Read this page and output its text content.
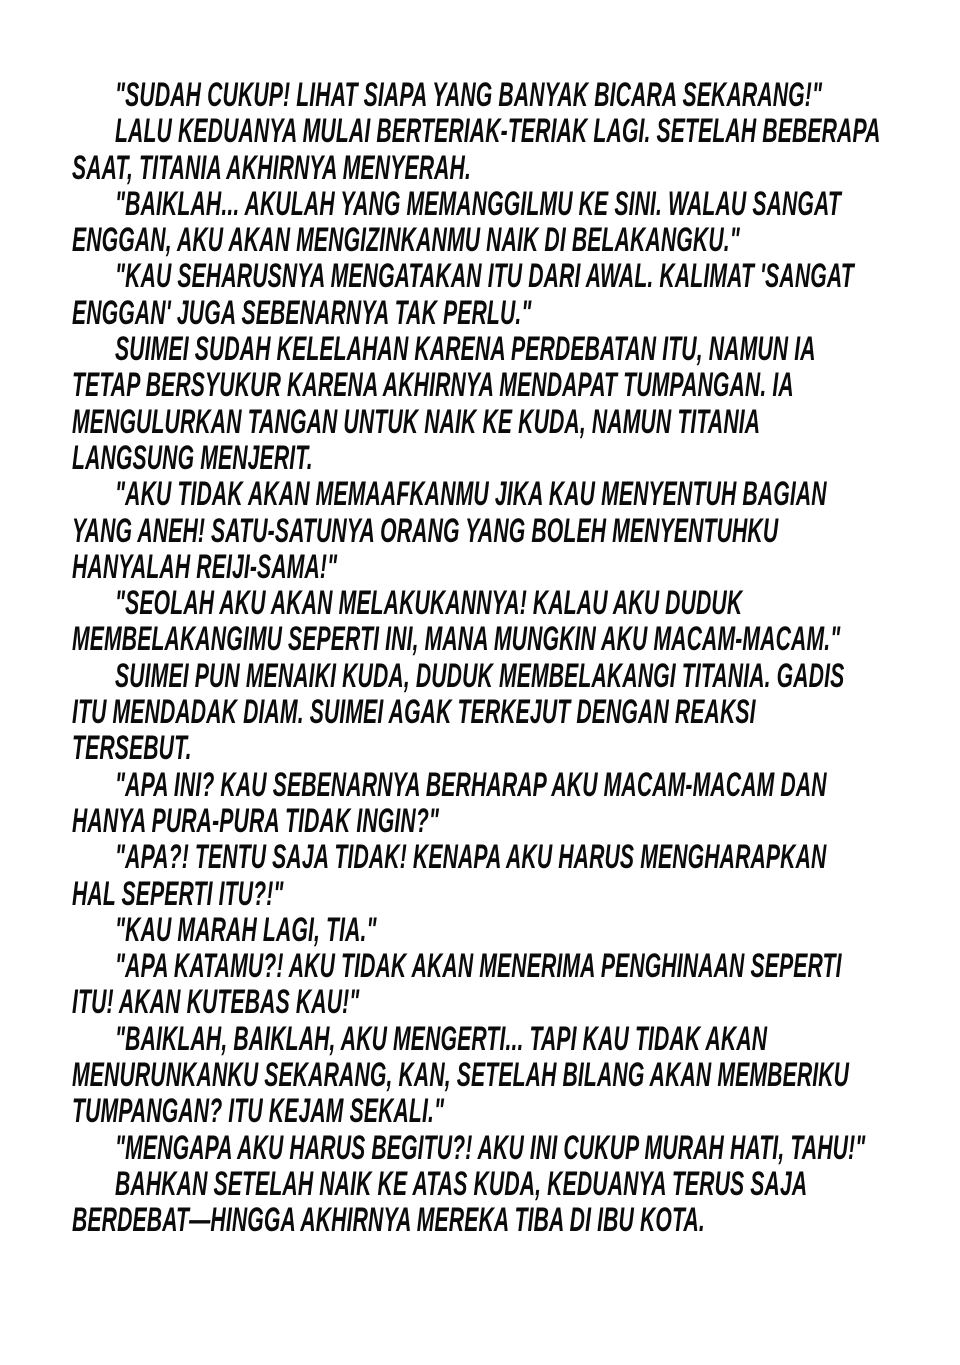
"SUDAH CUKUP! LIHAT SIAPA YANG BANYAK BICARA SEKARANG!"
LALU KEDUANYA MULAI BERTERIAK-TERIAK LAGI. SETELAH BEBERAPA
SAAT, TITANIA AKHIRNYA MENYERAH.
"BAIKLAH... AKULAH YANG MEMANGGILMU KE SINI. WALAU SANGAT
ENGGAN, AKU AKAN MENGIZINKANMU NAIK DI BELAKANGKU."
"KAU SEHARUSNYA MENGATAKAN ITU DARI AWAL. KALIMAT 'SANGAT
ENGGAN' JUGA SEBENARNYA TAK PERLU."
SUIMEI SUDAH KELELAHAN KARENA PERDEBATAN ITU, NAMUN IA
TETAP BERSYUKUR KARENA AKHIRNYA MENDAPAT TUMPANGAN. IA
MENGULURKAN TANGAN UNTUK NAIK KE KUDA, NAMUN TITANIA
LANGSUNG MENJERIT.
"AKU TIDAK AKAN MEMAAFKANMU JIKA KAU MENYENTUH BAGIAN
YANG ANEH! SATU-SATUNYA ORANG YANG BOLEH MENYENTUHKU
HANYALAH REIJI-SAMA!"
"SEOLAH AKU AKAN MELAKUKANNYA! KALAU AKU DUDUK
MEMBELAKANGIMU SEPERTI INI, MANA MUNGKIN AKU MACAM-MACAM."
SUIMEI PUN MENAIKI KUDA, DUDUK MEMBELAKANGI TITANIA. GADIS
ITU MENDADAK DIAM. SUIMEI AGAK TERKEJUT DENGAN REAKSI
TERSEBUT.
"APA INI? KAU SEBENARNYA BERHARAP AKU MACAM-MACAM DAN
HANYA PURA-PURA TIDAK INGIN?"
"APA?! TENTU SAJA TIDAK! KENAPA AKU HARUS MENGHARAPKAN
HAL SEPERTI ITU?!"
"KAU MARAH LAGI, TIA."
"APA KATAMU?! AKU TIDAK AKAN MENERIMA PENGHINAAN SEPERTI
ITU! AKAN KUTEBAS KAU!"
"BAIKLAH, BAIKLAH, AKU MENGERTI... TAPI KAU TIDAK AKAN
MENURUNKANKU SEKARANG, KAN, SETELAH BILANG AKAN MEMBERIKU
TUMPANGAN? ITU KEJAM SEKALI."
"MENGAPA AKU HARUS BEGITU?! AKU INI CUKUP MURAH HATI, TAHU!"
BAHKAN SETELAH NAIK KE ATAS KUDA, KEDUANYA TERUS SAJA
BERDEBAT—HINGGA AKHIRNYA MEREKA TIBA DI IBU KOTA.
